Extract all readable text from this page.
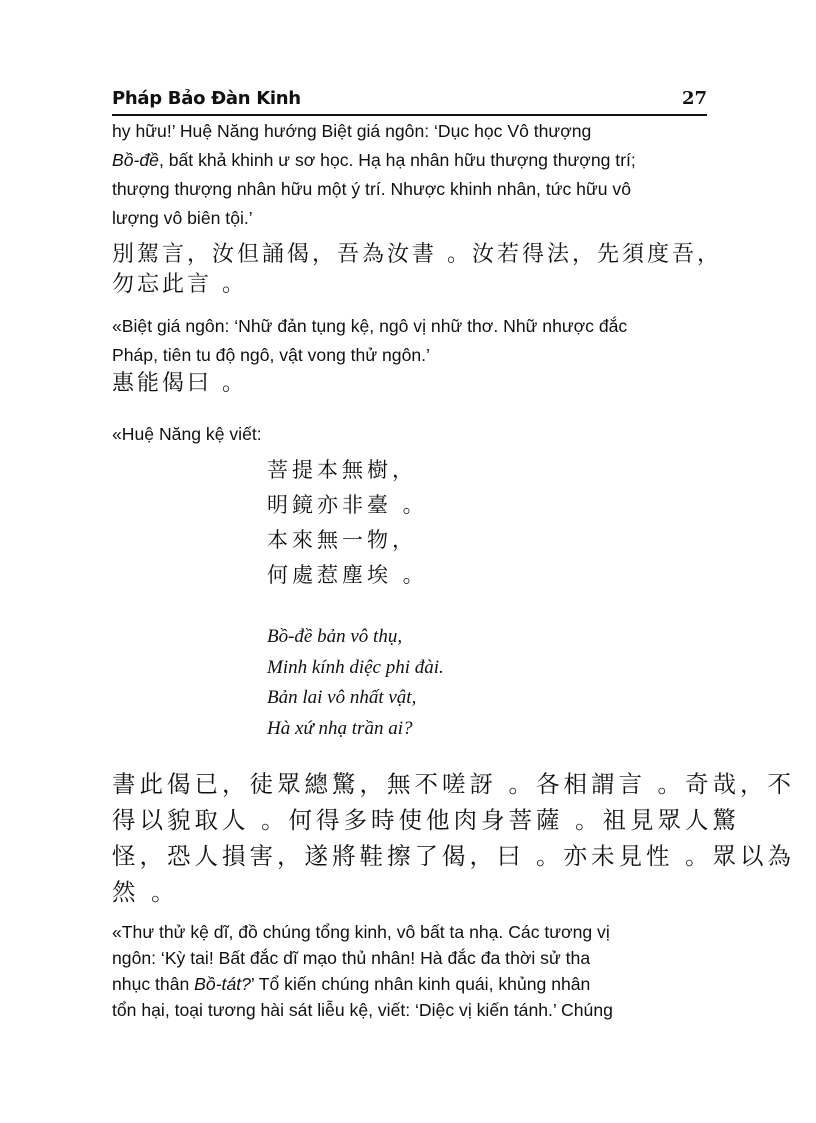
Pháp Bảo Đàn Kinh	27
hy hữu!’ Huệ Năng hướng Biệt giá ngôn: ‘Dục học Vô thượng
Bồ-đề, bất khả khinh ư sơ học. Hạ hạ nhân hữu thượng thượng trí;
thượng thượng nhân hữu một ý trí. Nhược khinh nhân, tức hữu vô
lượng vô biên tội.’
別駕言，汝但誦偈，吾為汝書 。汝若得法，先須度吾，
勿忘此言 。
«Biệt giá ngôn: ‘Nhữ đản tụng kệ, ngô vị nhữ thơ. Nhữ nhược đắc
Pháp, tiên tu độ ngô, vật vong thử ngôn.’
惠能偈曰 。
«Huệ Năng kệ viết:
菩提本無樹，
明鏡亦非臺 。
本來無一物，
何處惹塵埃 。
Bồ-đề bản vô thụ,
Minh kính diệc phi đài.
Bản lai vô nhất vật,
Hà xứ nhạ trần ai?
書此偈已，徒眾總驚，無不嗟訝 。各相謂言 。奇哉，不
得以貌取人 。何得多時使他肉身菩薩 。祖見眾人驚
怪，恐人損害，遂將鞋擦了偈，曰 。亦未見性 。眾以為
然 。
«Thư thử kệ dĩ, đồ chúng tổng kinh, vô bất ta nhạ. Các tương vị
ngôn: ‘Kỳ tai! Bất đắc dĩ mạo thủ nhân! Hà đắc đa thời sử tha
nhục thân Bồ-tát?’ Tổ kiến chúng nhân kinh quái, khủng nhân
tổn hại, toại tương hài sát liễu kệ, viết: ‘Diệc vị kiến tánh.’ Chúng
